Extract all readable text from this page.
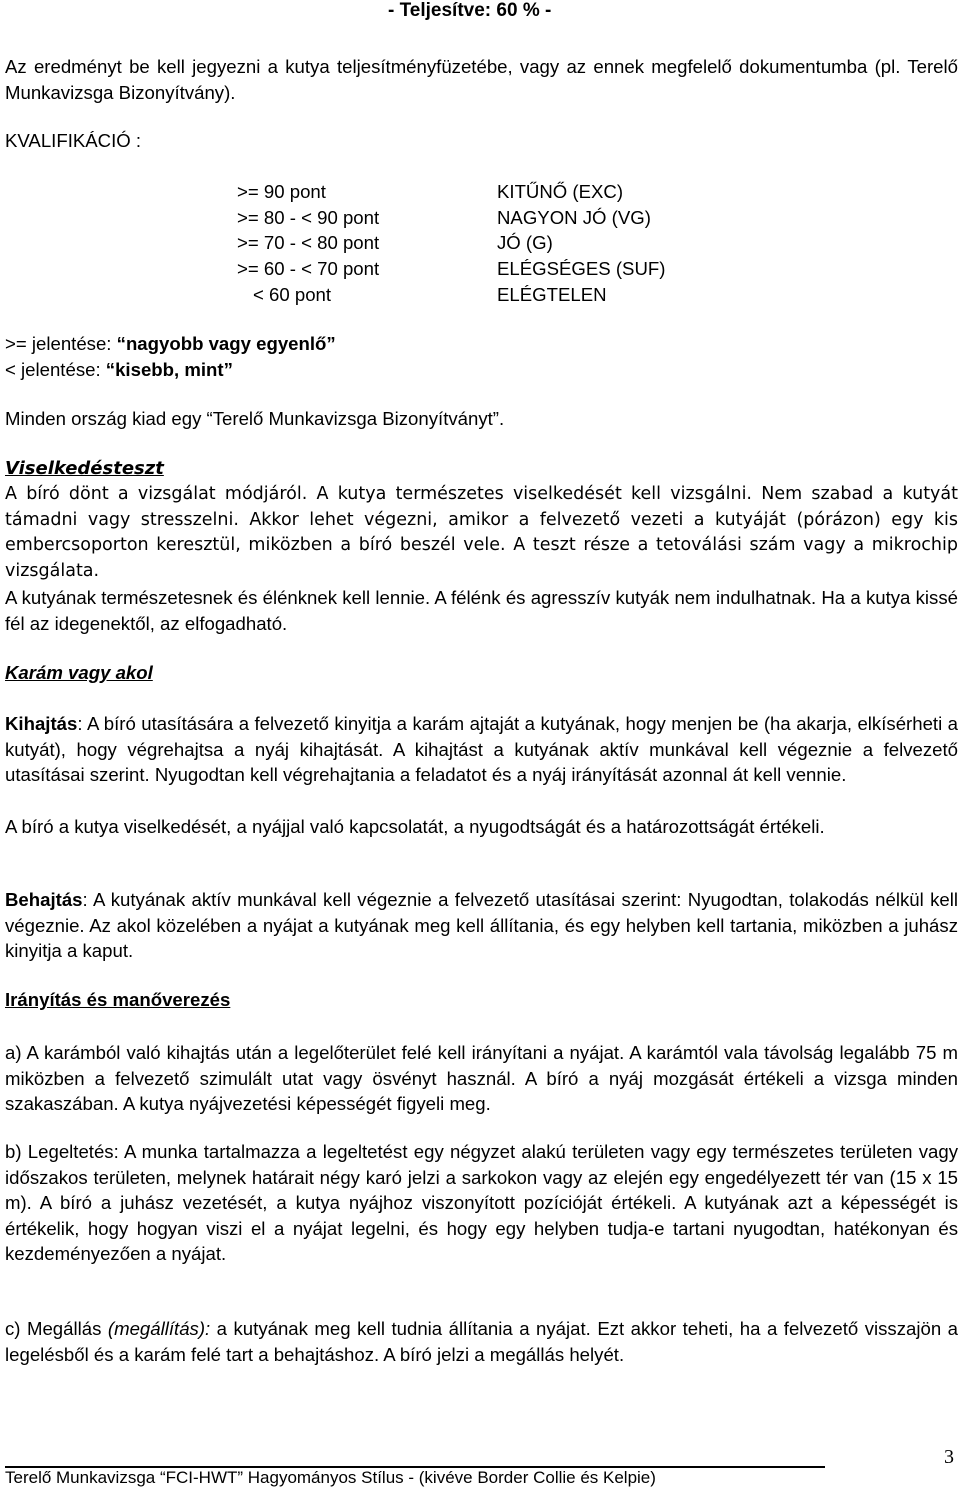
- Teljesítve: 60 % -
Az eredményt be kell jegyezni a kutya teljesítményfüzetébe, vagy az ennek megfelelő dokumentumba (pl. Terelő Munkavizsga Bizonyítvány).
KVALIFIKÁCIÓ :
>= 90 pont	KITŰNŐ (EXC)
>= 80 - < 90 pont	NAGYON JÓ (VG)
>= 70 - < 80 pont	JÓ (G)
>= 60 - < 70 pont	ELÉGSÉGES (SUF)
< 60 pont	ELÉGTELEN
>= jelentése: “nagyobb vagy egyenlő”
< jelentése: “kisebb, mint”
Minden ország kiad egy “Terelő Munkavizsga Bizonyítványt”.
Viselkedésteszt
A bíró dönt a vizsgálat módjáról. A kutya természetes viselkedését kell vizsgálni. Nem szabad a kutyát támadni vagy stresszelni. Akkor lehet végezni, amikor a felvezető vezeti a kutyáját (pórázon) egy kis embercsoporton keresztül, miközben a bíró beszél vele. A teszt része a tetoválási szám vagy a mikrochip vizsgálata.
A kutyának természetesnek és élénknek kell lennie. A félénk és agresszív kutyák nem indulhatnak. Ha a kutya kissé fél az idegenektől, az elfogadható.
Karám vagy akol
Kihajtás: A bíró utasítására a felvezető kinyitja a karám ajtaját a kutyának, hogy menjen be (ha akarja, elkísérheti a kutyát), hogy végrehajtsa a nyáj kihajtását. A kihajtást a kutyának aktív munkával kell végeznie a felvezető utasításai szerint. Nyugodtan kell végrehajtania a feladatot és a nyáj irányítását azonnal át kell vennie.
A bíró a kutya viselkedését, a nyájjal való kapcsolatát, a nyugodtságát és a határozottságát értékeli.
Behajtás: A kutyának aktív munkával kell végeznie a felvezető utasításai szerint: Nyugodtan, tolakodás nélkül kell végeznie. Az akol közelében a nyájat a kutyának meg kell állítania, és egy helyben kell tartania, miközben a juhász kinyitja a kaput.
Irányítás és manőverezés
a) A karámból való kihajtás után a legelőterület felé kell irányítani a nyájat. A karámtól vala távolság legalább 75 m miközben a felvezető szimulált utat vagy ösvényt használ. A bíró a nyáj mozgását értékeli a vizsga minden szakaszában. A kutya nyájvezetési képességét figyeli meg.
b) Legeltetés: A munka tartalmazza a legeltetést egy négyzet alakú területen vagy egy természetes területen vagy időszakos területen, melynek határait négy karó jelzi a sarkokon vagy az elején egy engedélyezett tér van (15 x 15 m). A bíró a juhász vezetését, a kutya nyájhoz viszonyított pozícióját értékeli. A kutyának azt a képességét is értékelik, hogy hogyan viszi el a nyájat legelni, és hogy egy helyben tudja-e tartani nyugodtan, hatékonyan és kezdeményezően a nyájat.
c) Megállás (megállítás): a kutyának meg kell tudnia állítania a nyájat. Ezt akkor teheti, ha a felvezető visszajön a legelésből és a karám felé tart a behajtáshoz. A bíró jelzi a megállás helyét.
3
Terelő Munkavizsga “FCI-HWT” Hagyományos Stílus - (kivéve Border Collie és Kelpie)
